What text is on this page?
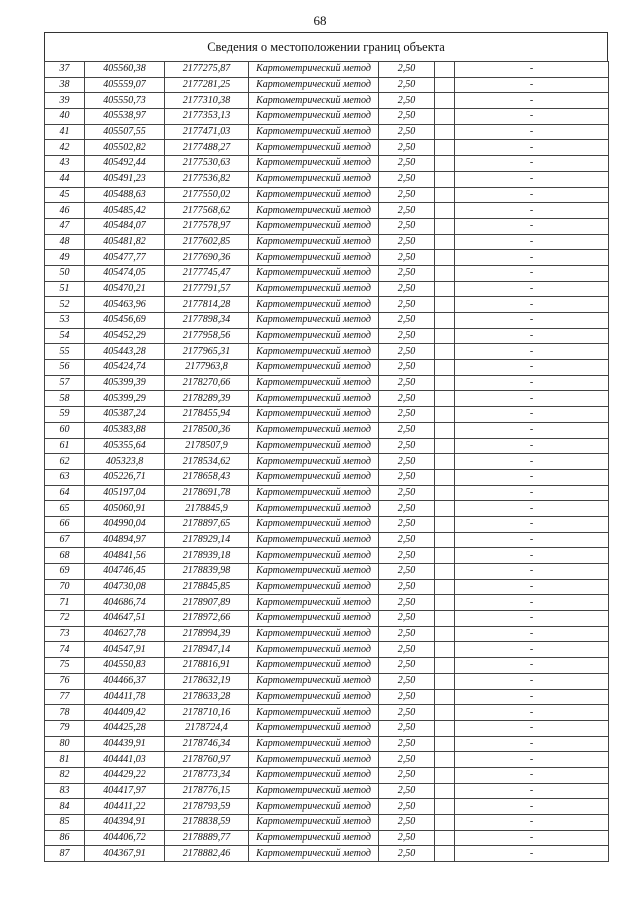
68
Сведения о местоположении границ объекта
37	405560,38	2177275,87	Картометрический метод	2,50		-
38	405559,07	2177281,25	Картометрический метод	2,50		-
39	405550,73	2177310,38	Картометрический метод	2,50		-
40	405538,97	2177353,13	Картометрический метод	2,50		-
41	405507,55	2177471,03	Картометрический метод	2,50		-
42	405502,82	2177488,27	Картометрический метод	2,50		-
43	405492,44	2177530,63	Картометрический метод	2,50		-
44	405491,23	2177536,82	Картометрический метод	2,50		-
45	405488,63	2177550,02	Картометрический метод	2,50		-
46	405485,42	2177568,62	Картометрический метод	2,50		-
47	405484,07	2177578,97	Картометрический метод	2,50		-
48	405481,82	2177602,85	Картометрический метод	2,50		-
49	405477,77	2177690,36	Картометрический метод	2,50		-
50	405474,05	2177745,47	Картометрический метод	2,50		-
51	405470,21	2177791,57	Картометрический метод	2,50		-
52	405463,96	2177814,28	Картометрический метод	2,50		-
53	405456,69	2177898,34	Картометрический метод	2,50		-
54	405452,29	2177958,56	Картометрический метод	2,50		-
55	405443,28	2177965,31	Картометрический метод	2,50		-
56	405424,74	2177963,8	Картометрический метод	2,50		-
57	405399,39	2178270,66	Картометрический метод	2,50		-
58	405399,29	2178289,39	Картометрический метод	2,50		-
59	405387,24	2178455,94	Картометрический метод	2,50		-
60	405383,88	2178500,36	Картометрический метод	2,50		-
61	405355,64	2178507,9	Картометрический метод	2,50		-
62	405323,8	2178534,62	Картометрический метод	2,50		-
63	405226,71	2178658,43	Картометрический метод	2,50		-
64	405197,04	2178691,78	Картометрический метод	2,50		-
65	405060,91	2178845,9	Картометрический метод	2,50		-
66	404990,04	2178897,65	Картометрический метод	2,50		-
67	404894,97	2178929,14	Картометрический метод	2,50		-
68	404841,56	2178939,18	Картометрический метод	2,50		-
69	404746,45	2178839,98	Картометрический метод	2,50		-
70	404730,08	2178845,85	Картометрический метод	2,50		-
71	404686,74	2178907,89	Картометрический метод	2,50		-
72	404647,51	2178972,66	Картометрический метод	2,50		-
73	404627,78	2178994,39	Картометрический метод	2,50		-
74	404547,91	2178947,14	Картометрический метод	2,50		-
75	404550,83	2178816,91	Картометрический метод	2,50		-
76	404466,37	2178632,19	Картометрический метод	2,50		-
77	404411,78	2178633,28	Картометрический метод	2,50		-
78	404409,42	2178710,16	Картометрический метод	2,50		-
79	404425,28	2178724,4	Картометрический метод	2,50		-
80	404439,91	2178746,34	Картометрический метод	2,50		-
81	404441,03	2178760,97	Картометрический метод	2,50		-
82	404429,22	2178773,34	Картометрический метод	2,50		-
83	404417,97	2178776,15	Картометрический метод	2,50		-
84	404411,22	2178793,59	Картометрический метод	2,50		-
85	404394,91	2178838,59	Картометрический метод	2,50		-
86	404406,72	2178889,77	Картометрический метод	2,50		-
87	404367,91	2178882,46	Картометрический метод	2,50		-
